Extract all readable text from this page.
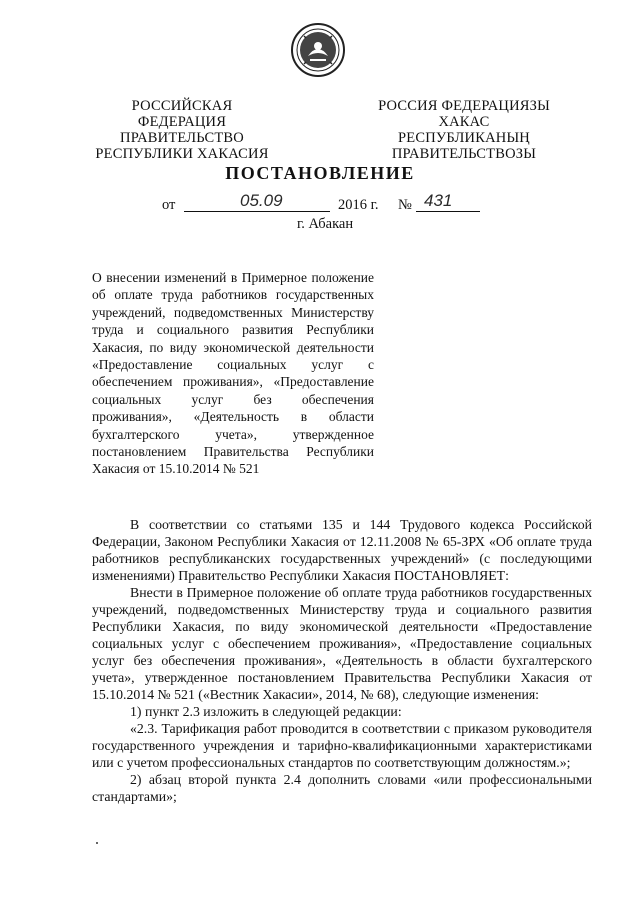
РОССИЙСКАЯ ФЕДЕРАЦИЯ
ПРАВИТЕЛЬСТВО
РЕСПУБЛИКИ ХАКАСИЯ
РОССИЯ ФЕДЕРАЦИЯЗЫ
ХАКАС РЕСПУБЛИКАНЫҢ
ПРАВИТЕЛЬСТВОЗЫ
ПОСТАНОВЛЕНИЕ
от	05.09	2016 г. № 431
г. Абакан
О внесении изменений в Примерное положение об оплате труда работников государственных учреждений, подведомственных Министерству труда и социального развития Республики Хакасия, по виду экономической деятельности «Предоставление социальных услуг с обеспечением проживания», «Предоставление социальных услуг без обеспечения проживания», «Деятельность в области бухгалтерского учета», утвержденное постановлением Правительства Республики Хакасия от 15.10.2014 № 521

В соответствии со статьями 135 и 144 Трудового кодекса Российской Федерации, Законом Республики Хакасия от 12.11.2008 № 65-ЗРХ «Об оплате труда работников республиканских государственных учреждений» (с последующими изменениями) Правительство Республики Хакасия ПОСТАНОВЛЯЕТ:

Внести в Примерное положение об оплате труда работников государственных учреждений, подведомственных Министерству труда и социального развития Республики Хакасия, по виду экономической деятельности «Предоставление социальных услуг с обеспечением проживания», «Предоставление социальных услуг без обеспечения проживания», «Деятельность в области бухгалтерского учета», утвержденное постановлением Правительства Республики Хакасия от 15.10.2014 № 521 («Вестник Хакасии», 2014, № 68), следующие изменения:

1) пункт 2.3 изложить в следующей редакции:

«2.3. Тарификация работ проводится в соответствии с приказом руководителя государственного учреждения и тарифно-квалификационными характеристиками или с учетом профессиональных стандартов по соответствующим должностям.»;

2) абзац второй пункта 2.4 дополнить словами «или профессиональными стандартами»;
